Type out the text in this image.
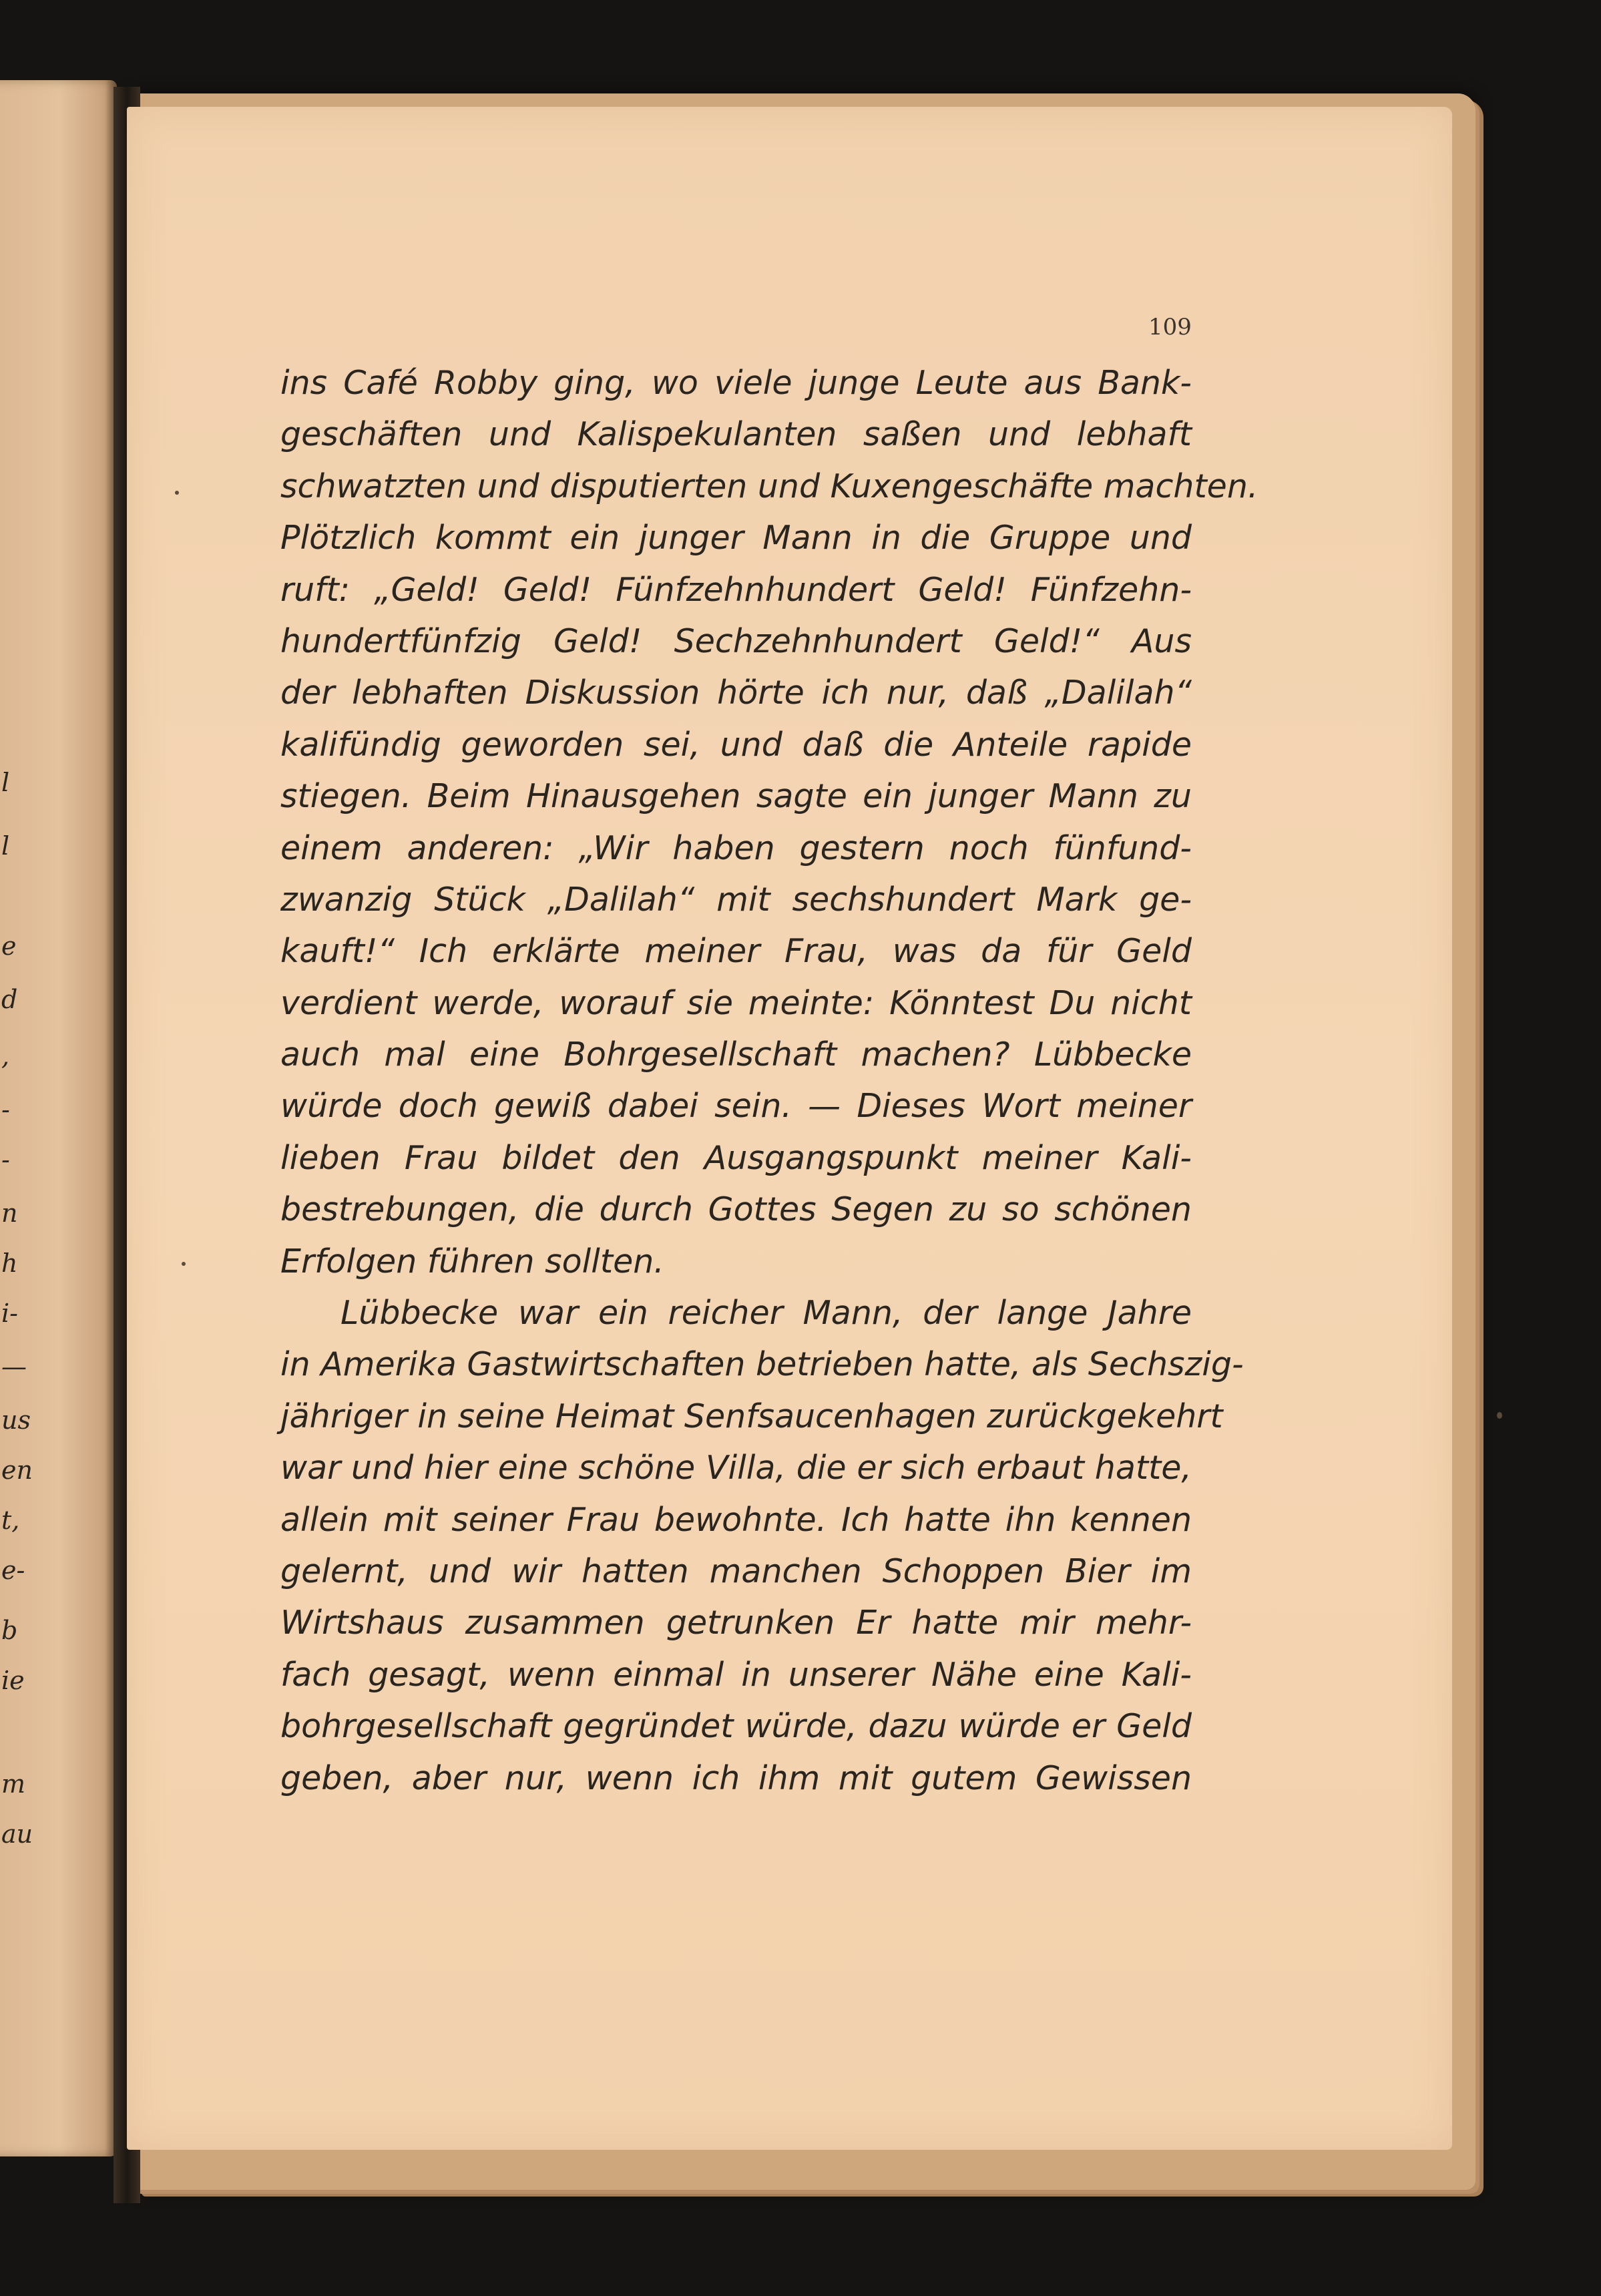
l
l
e
d
,
-
-
n
h
i-
—
us
en
t,
e-
b
ie
m
au

109

ins Café Robby ging, wo viele junge Leute aus Bank-
geschäften und Kalispekulanten saßen und lebhaft
schwatzten und disputierten und Kuxengeschäfte machten.
Plötzlich kommt ein junger Mann in die Gruppe und
ruft: „Geld! Geld! Fünfzehnhundert Geld! Fünfzehn-
hundertfünfzig Geld! Sechzehnhundert Geld!“ Aus
der lebhaften Diskussion hörte ich nur, daß „Dalilah“
kalifündig geworden sei, und daß die Anteile rapide
stiegen. Beim Hinausgehen sagte ein junger Mann zu
einem anderen: „Wir haben gestern noch fünfund-
zwanzig Stück „Dalilah“ mit sechshundert Mark ge-
kauft!“ Ich erklärte meiner Frau, was da für Geld
verdient werde, worauf sie meinte: Könntest Du nicht
auch mal eine Bohrgesellschaft machen? Lübbecke
würde doch gewiß dabei sein. — Dieses Wort meiner
lieben Frau bildet den Ausgangspunkt meiner Kali-
bestrebungen, die durch Gottes Segen zu so schönen
Erfolgen führen sollten.
Lübbecke war ein reicher Mann, der lange Jahre
in Amerika Gastwirtschaften betrieben hatte, als Sechszig-
jähriger in seine Heimat Senfsaucenhagen zurückgekehrt
war und hier eine schöne Villa, die er sich erbaut hatte,
allein mit seiner Frau bewohnte. Ich hatte ihn kennen
gelernt, und wir hatten manchen Schoppen Bier im
Wirtshaus zusammen getrunken Er hatte mir mehr-
fach gesagt, wenn einmal in unserer Nähe eine Kali-
bohrgesellschaft gegründet würde, dazu würde er Geld
geben, aber nur, wenn ich ihm mit gutem Gewissen
